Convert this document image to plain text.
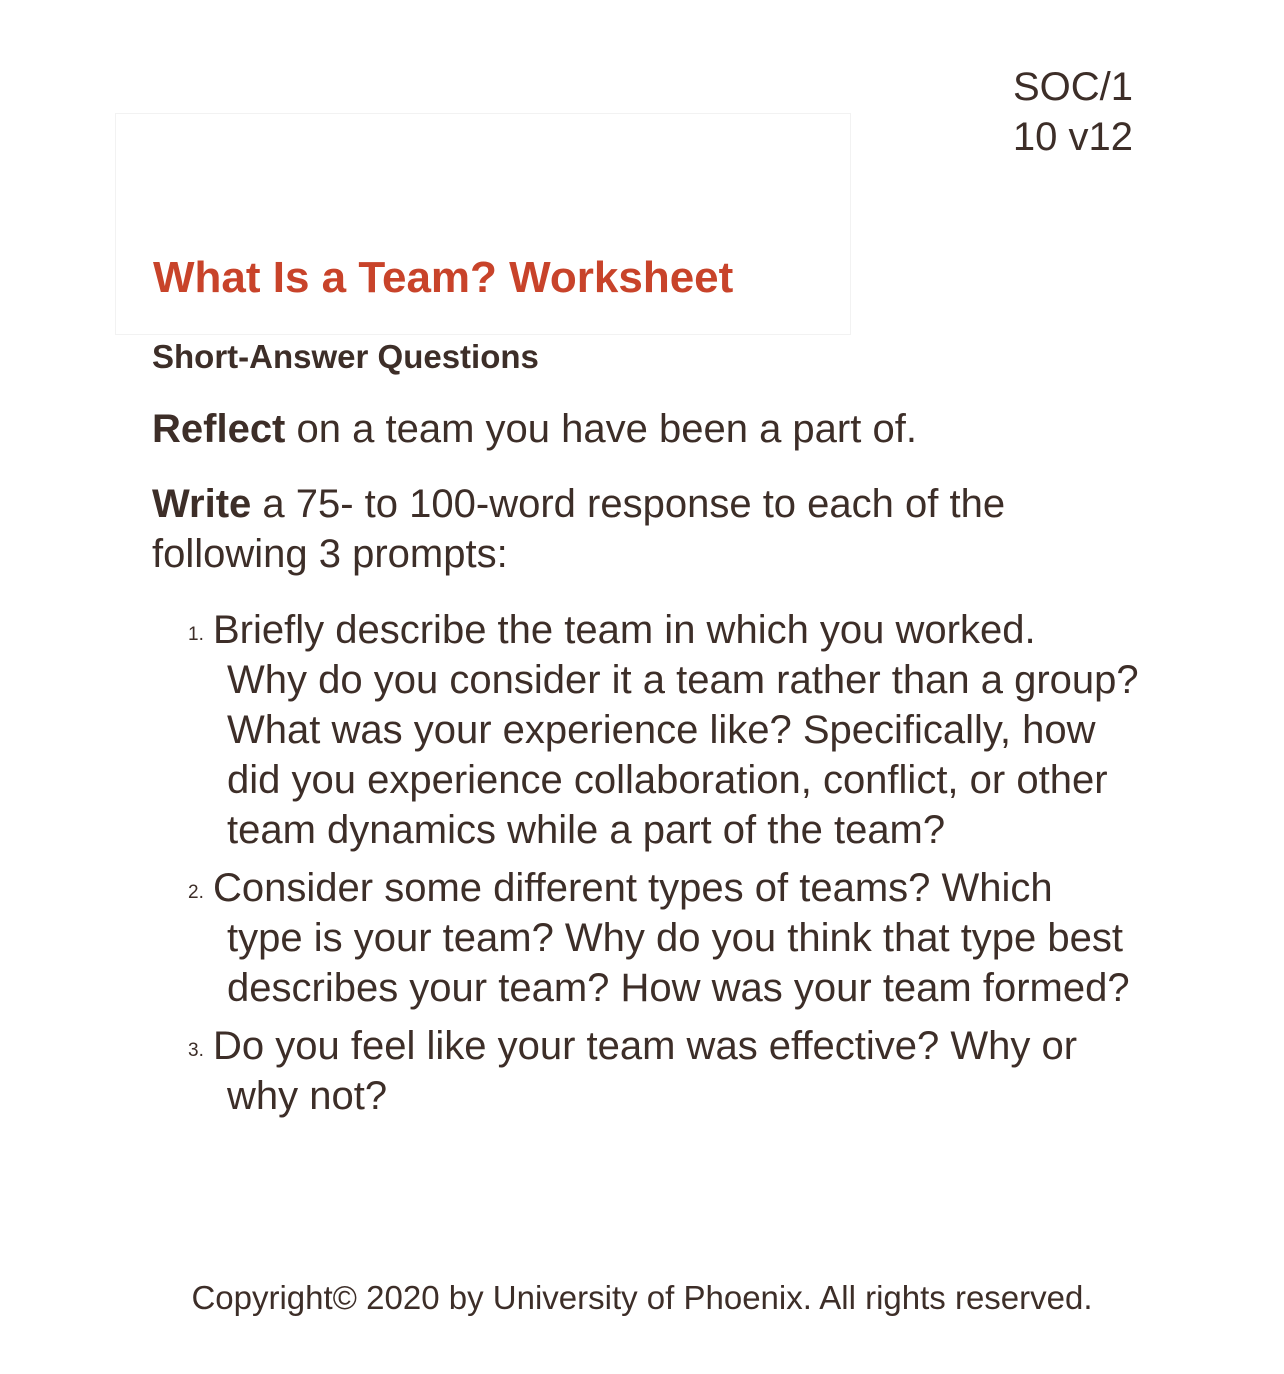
SOC/1
10 v12
What Is a Team? Worksheet
Short-Answer Questions

Reflect on a team you have been a part of.

Write a 75- to 100-word response to each of the following 3 prompts:

1. Briefly describe the team in which you worked.
Why do you consider it a team rather than a group? What was your experience like? Specifically, how did you experience collaboration, conflict, or other team dynamics while a part of the team?
2. Consider some different types of teams? Which
type is your team? Why do you think that type best describes your team? How was your team formed?
3. Do you feel like your team was effective? Why or
why not?
Copyright© 2020 by University of Phoenix. All rights reserved.
